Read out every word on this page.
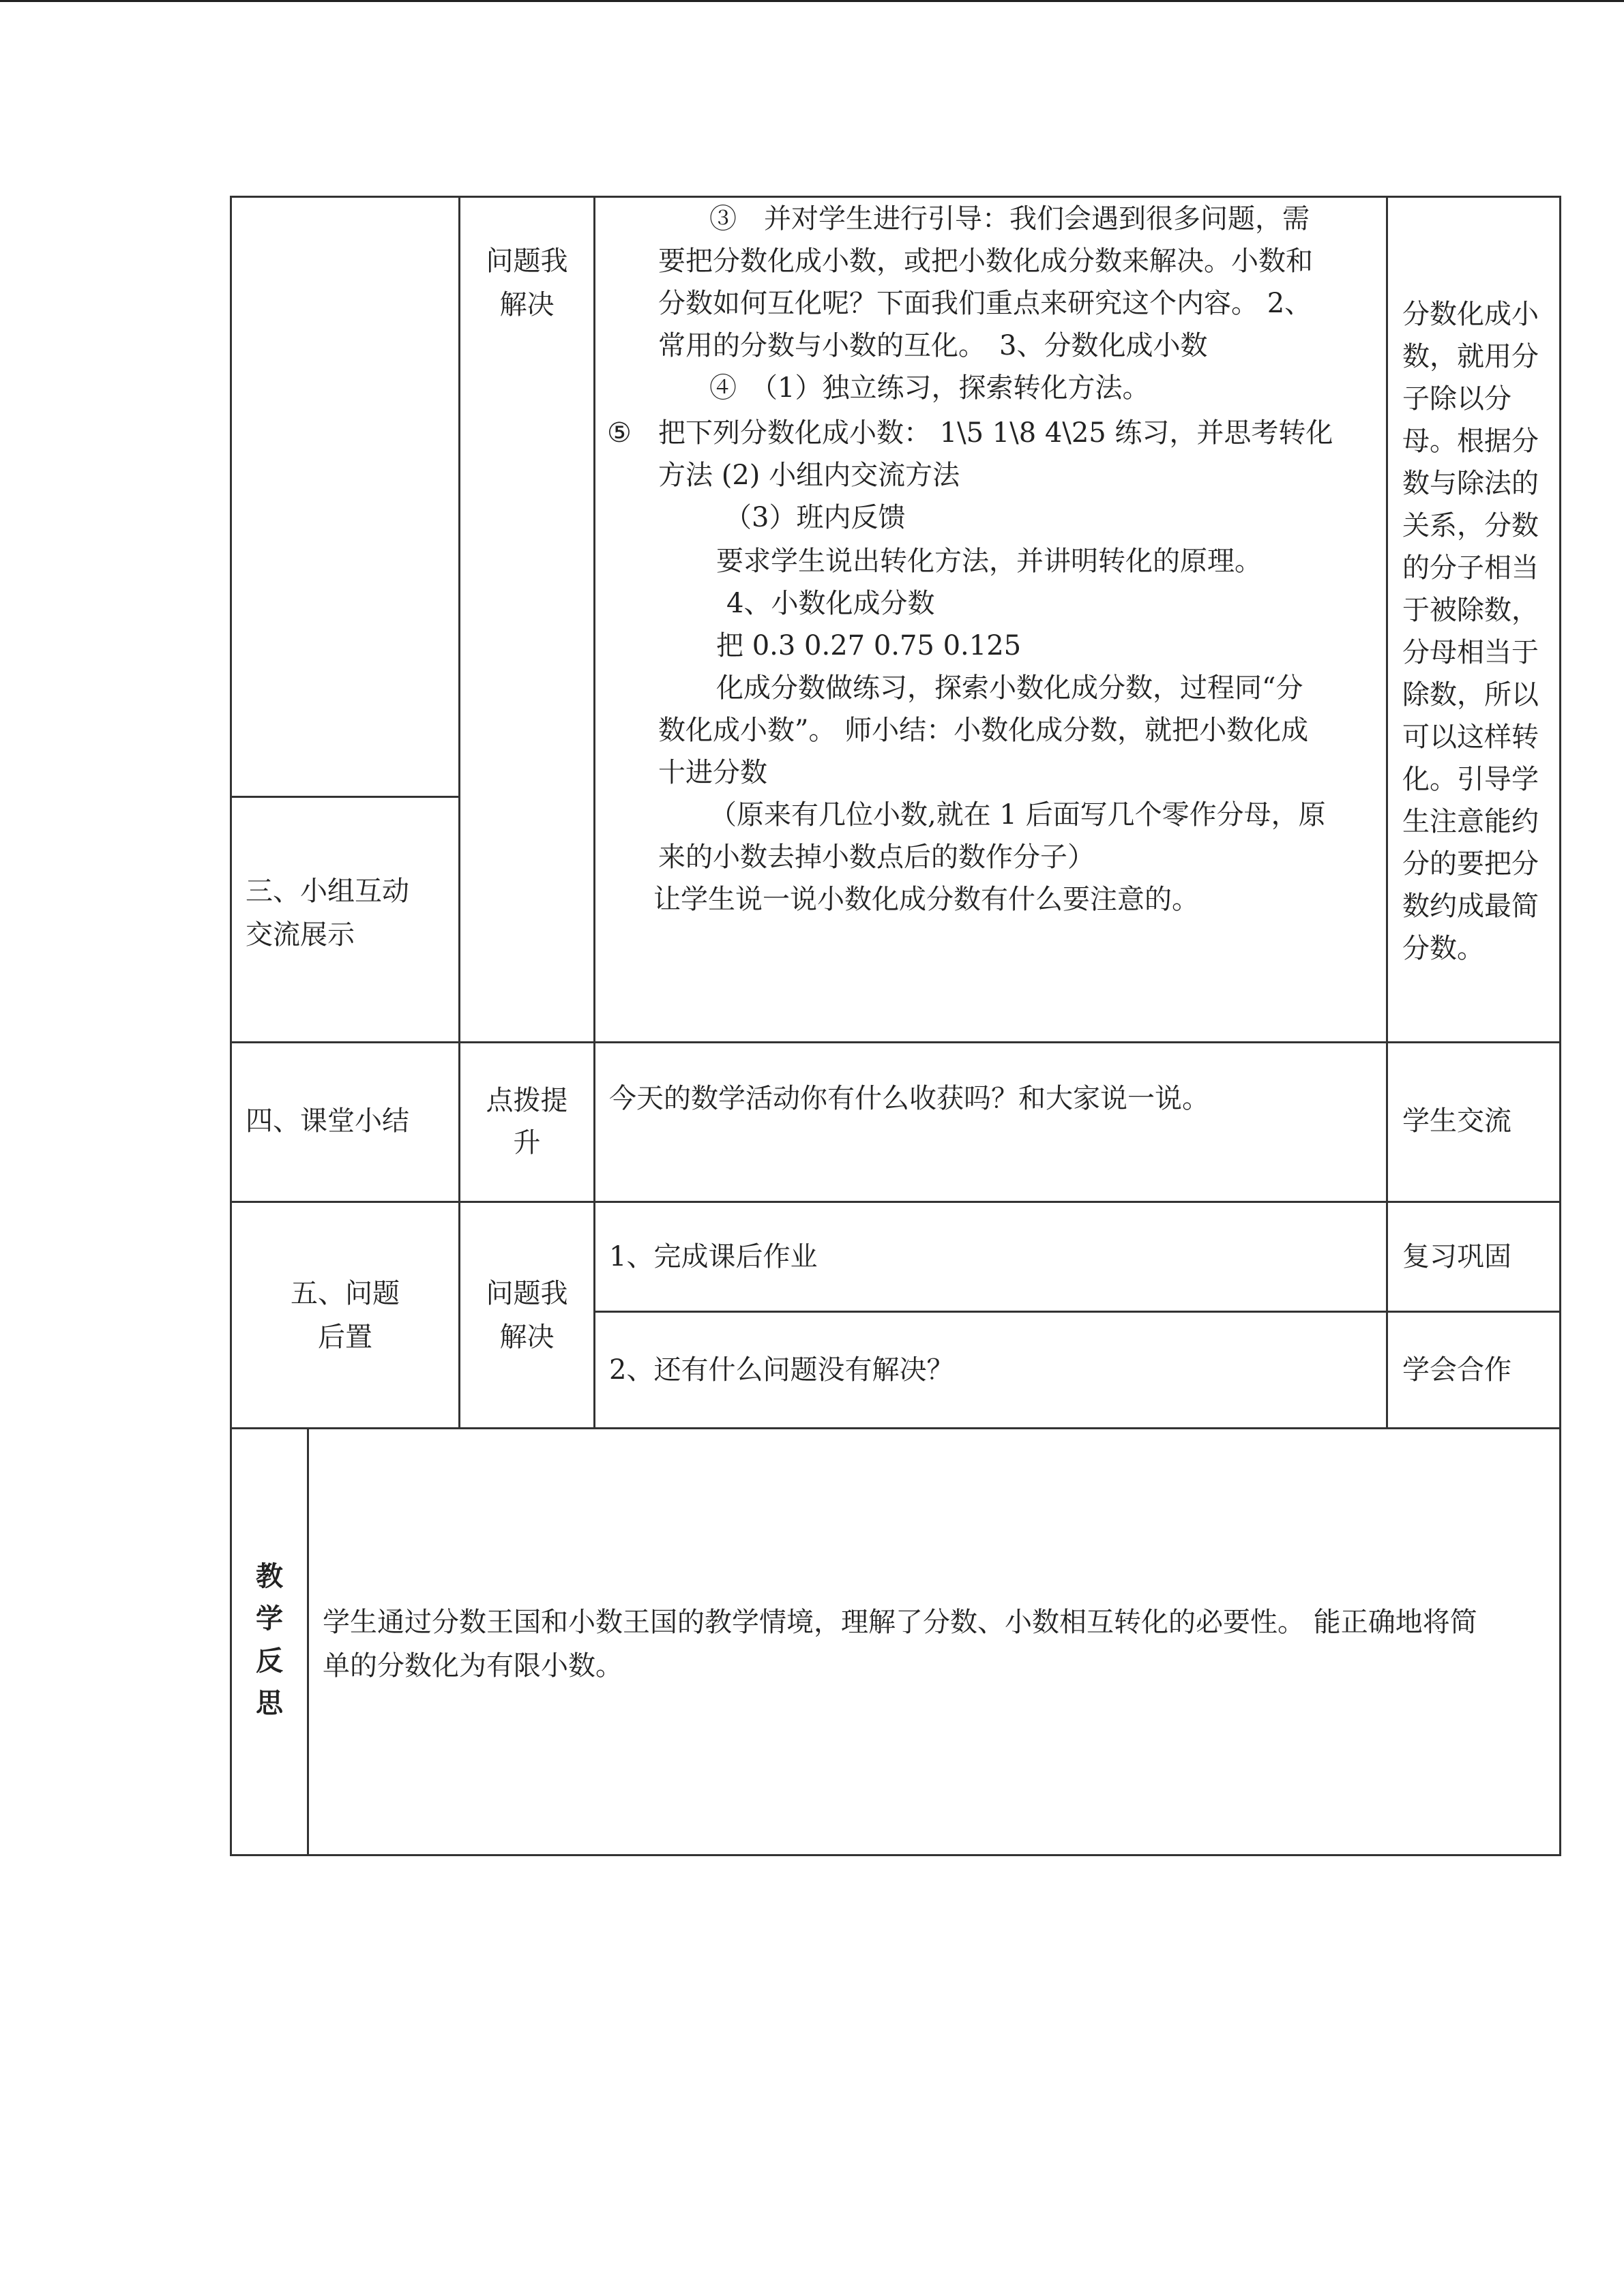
问题我
解决
三、小组互动
交流展示
③　并对学生进行引导：我们会遇到很多问题，需
要把分数化成小数，或把小数化成分数来解决。小数和
分数如何互化呢？下面我们重点来研究这个内容。 2、
常用的分数与小数的互化。　3、分数化成小数
④　（1）独立练习，探索转化方法。
⑤ 把下列分数化成小数： 1\5 1\8 4\25 练习，并思考转化
方法 (2) 小组内交流方法
（3）班内反馈
要求学生说出转化方法，并讲明转化的原理。
4、小数化成分数
把 0.3 0.27 0.75 0.125
化成分数做练习，探索小数化成分数，过程同“分
数化成小数”。 师小结：小数化成分数，就把小数化成
十进分数
（原来有几位小数,就在 1 后面写几个零作分母，原
来的小数去掉小数点后的数作分子）
让学生说一说小数化成分数有什么要注意的。
分数化成小
数，就用分
子除以分
母。根据分
数与除法的
关系，分数
的分子相当
于被除数，
分母相当于
除数，所以
可以这样转
化。引导学
生注意能约
分的要把分
数约成最简
分数。
四、课堂小结
点拨提
升
今天的数学活动你有什么收获吗？和大家说一说。
学生交流
五、问题
后置
问题我
解决
1、完成课后作业	复习巩固
2、还有什么问题没有解决？	学会合作
教
学
反
思
学生通过分数王国和小数王国的教学情境，理解了分数、小数相互转化的必要性。 能正确地将简
单的分数化为有限小数。
